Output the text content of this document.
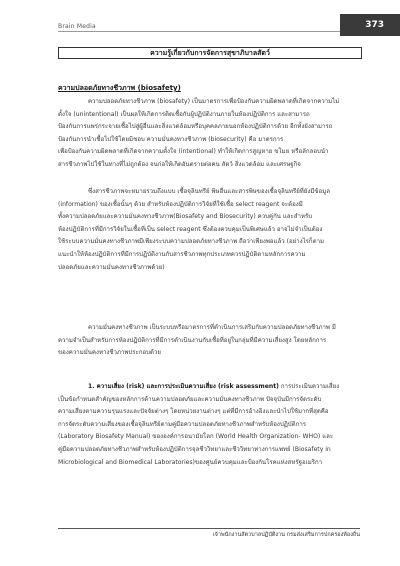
Brain Media	373
ความรู้เกี่ยวกับการจัดการสุขาภิบาลสัตว์
ความปลอดภัยทางชีวภาพ (biosafety)

ความปลอดภัยทางชีวภาพ (biosafety) เป็นมาตรการเพื่อป้องกันความผิดพลาดที่เกิดจากความไม่

ตั้งใจ (unintentional) เป็นผลให้เกิดการติดเชื้อกับผู้ปฏิบัติงานภายในห้องปฏิบัติการ และสามารถ

ป้องกันการแพร่กระจายเชื้อไปสู่ผู้อื่นและสิ่งแวดล้อมหรือบุคคลภายนอกห้องปฏิบัติการด้วย อีกทั้งยังสามารถ

ป้องกันการนำเชื้อไปใช้โดยมิชอบ ความมั่นคงทางชีวภาพ (biosecurity) คือ มาตรการ

เพื่อป้องกันความผิดพลาดที่เกิดจากความตั้งใจ (intentional) ทำให้เกิดการสูญหาย ขโมย หรือลักลอบนำ

สารชีวภาพไปใช้ในทางที่ไม่ถูกต้อง จนก่อให้เกิดอันตรายต่อคน สัตว์ สิ่งแวดล้อม และเศรษฐกิจ

ซึ่งสารชีวภาพจะหมายรวมถึงแบบ เชื้อจุลินทรีย์ พิษอื่นและสารพิษของเชื้อจุลินทรีย์ที่ยังมีข้อมูล

(information) ของเชื้อนั้นๆ ด้วย สำหรับห้องปฏิบัติการวิจัยที่ใช้เชื้อ select reagent จะต้องมี

ทั้งความปลอดภัยและความมั่นคงทางชีวภาพ(Biosafety and Biosecurity) ควบคู่กัน และสำหรับ

ห้องปฏิบัติการที่มีการวิจัยในเชื้อที่เป็น select reagent ซึ่งต้องควบคุมเป็นพิเศษแล้ว อาจไม่จำเป็นต้อง

ใช้ระบบความมั่นคงทางชีวภาพมีเพียงระบบความปลอดภัยทางชีวภาพ ถือว่าเพียงพอแล้ว (อย่างไรก็ตาม

แนะนำให้ห้องปฏิบัติการที่มีการปฏิบัติงานกับสารชีวภาพทุกประเภทควรปฏิบัติตามหลักการความ

ปลอดภัยและความมั่นคงทางชีวภาพด้วย)

ความมั่นคงทางชีวภาพ เป็นระบบหรือมาตรการที่ดำเนินการเสริมกับความปลอดภัยทางชีวภาพ มี

ความจำเป็นสำหรับการห้องปฏิบัติการที่มีการดำเนินงานกับเชื้อที่อยู่ในกลุ่มที่มีความเสี่ยงสูง โดยหลักการ

ของความมั่นคงทางชีวภาพประกอบด้วย

1. ความเสี่ยง (risk) และการประเมินความเสี่ยง (risk assessment) การประเมินความเสี่ยง

เป็นข้อกำหนดสำคัญของหลักการด้านความปลอดภัยและความมั่นคงทางชีวภาพ ปัจจุบันมีการจัดระดับ

ความเสี่ยงตามความรุนแรงและปัจจัยต่างๆ โดยหน่วยงานต่างๆ แต่ที่มีการอ้างอิงและนำไปใช้มากที่สุดคือ

การจัดระดับความเสี่ยงของเชื้อจุลินทรีย์ตามคู่มือความปลอดภัยทางชีวภาพสำหรับห้องปฏิบัติการ

(Laboratory Biosafety Manual) ขององค์การอนามัยโลก (World Health Organization- WHO) และ

คู่มือความปลอดภัยทางชีวภาพสำหรับห้องปฏิบัติการจุลชีววิทยาและชีววิทยาทางการแพทย์ (Biosafety in

Microbiological and Biomedical Laboratories)ของศูนย์ควบคุมและป้องกันโรคแห่งสหรัฐอเมริกา

เจ้าพนักงานสัตวบาลปฏิบัติงาน กรมส่งเสริมการปกครองท้องถิ่น
